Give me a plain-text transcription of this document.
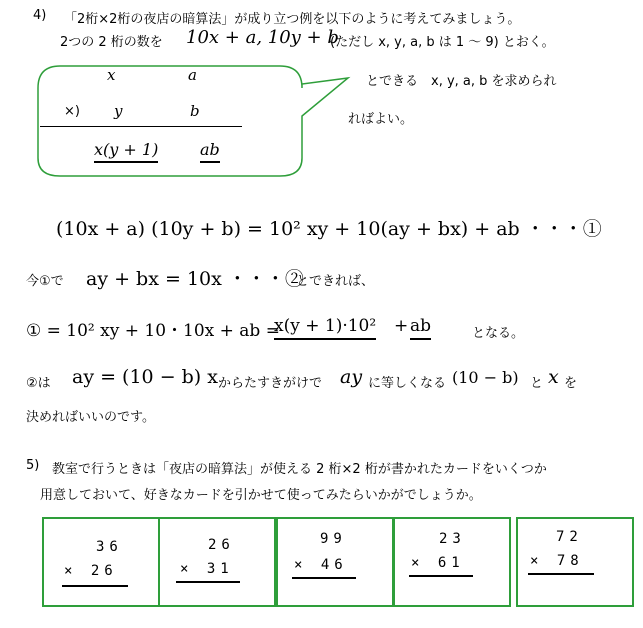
4) 「2桁×2桁の夜店の暗算法」が成り立つ例を以下のように考えてみましょう。
2つの 2 桁の数を 10x + a, 10y + b
(ただし x, y, a, b は 1 ～ 9) とおく。
x	a
×) y	b
x(y + 1)	ab
とできる　x, y, a, b を求められ
ればよい。
(10x + a) (10y + b) = 10² xy + 10(ay + bx) + ab ・・・①
今①で ay + bx = 10x ・・・②
とできれば、
① = 10² xy + 10・10x + ab =
x(y + 1)·10² + ab	となる。
②は ay = (10 − b) x からたすきがけで ay に等しくなる (10 − b) と x を
決めればいいのです。
5) 教室で行うときは「夜店の暗算法」が使える 2 桁×2 桁が書かれたカードをいくつか
用意しておいて、好きなカードを引かせて使ってみたらいかがでしょうか。
36
× 26
26
× 31
99
× 46
23
× 61
72
× 78
